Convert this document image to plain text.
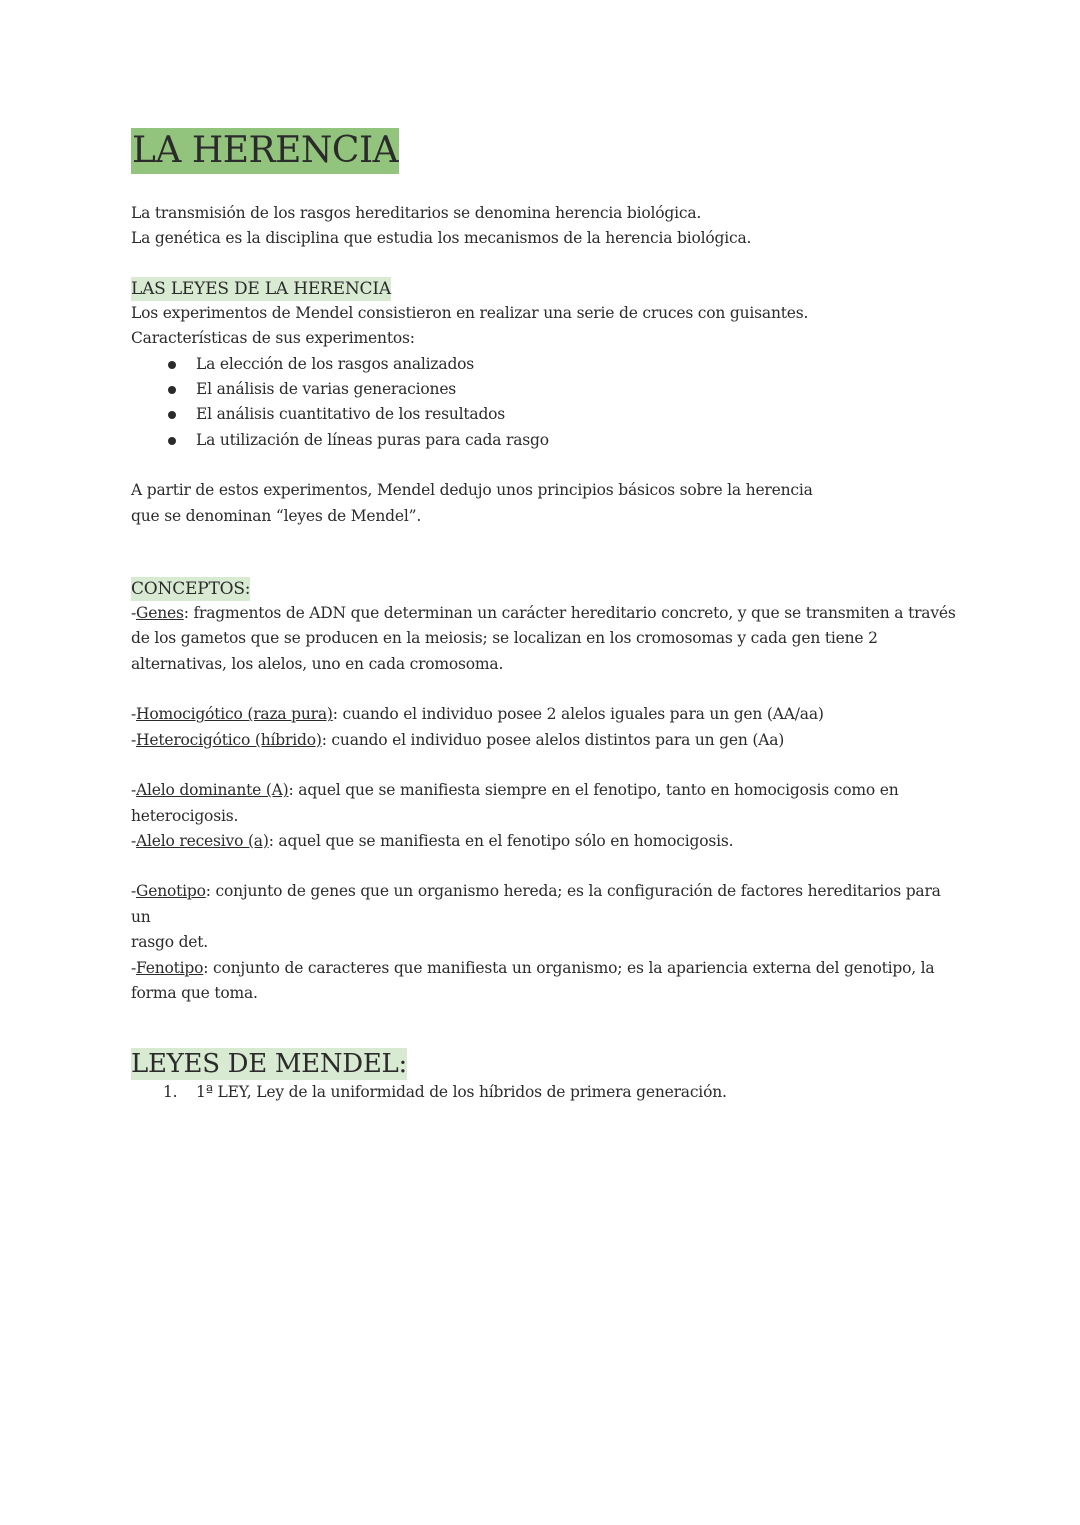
LA HERENCIA

La transmisión de los rasgos hereditarios se denomina herencia biológica.

La genética es la disciplina que estudia los mecanismos de la herencia biológica.

LAS LEYES DE LA HERENCIA

Los experimentos de Mendel consistieron en realizar una serie de cruces con guisantes.

Características de sus experimentos:

La elección de los rasgos analizados
El análisis de varias generaciones
El análisis cuantitativo de los resultados
La utilización de líneas puras para cada rasgo

A partir de estos experimentos, Mendel dedujo unos principios básicos sobre la herencia

que se denominan “leyes de Mendel”.

CONCEPTOS:

-Genes: fragmentos de ADN que determinan un carácter hereditario concreto, y que se transmiten a través

de los gametos que se producen en la meiosis; se localizan en los cromosomas y cada gen tiene 2

alternativas, los alelos, uno en cada cromosoma.

-Homocigótico (raza pura): cuando el individuo posee 2 alelos iguales para un gen (AA/aa)

-Heterocigótico (híbrido): cuando el individuo posee alelos distintos para un gen (Aa)

-Alelo dominante (A): aquel que se manifiesta siempre en el fenotipo, tanto en homocigosis como en

heterocigosis.

-Alelo recesivo (a): aquel que se manifiesta en el fenotipo sólo en homocigosis.

-Genotipo: conjunto de genes que un organismo hereda; es la configuración de factores hereditarios para un

rasgo det.

-Fenotipo: conjunto de caracteres que manifiesta un organismo; es la apariencia externa del genotipo, la

forma que toma.

LEYES DE MENDEL:
1. 1ª LEY, Ley de la uniformidad de los híbridos de primera generación.
